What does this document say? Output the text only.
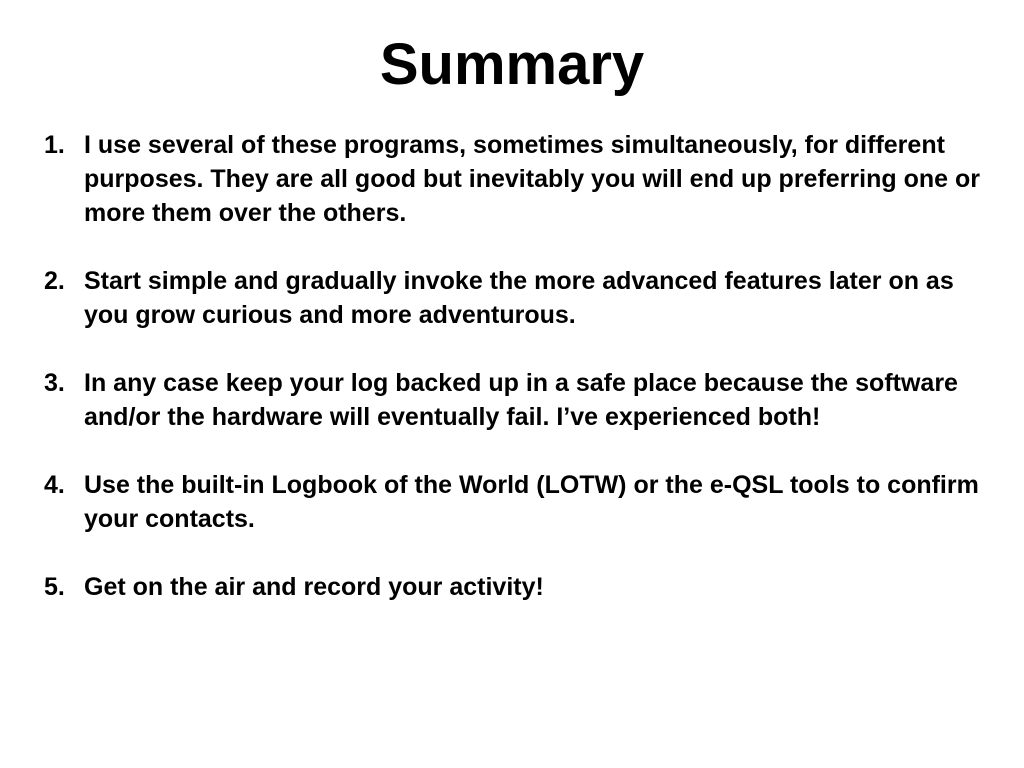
Summary
1. I use several of these programs, sometimes simultaneously, for different purposes. They are all good but inevitably you will end up preferring one or more them over the others.
2. Start simple and gradually invoke the more advanced features later on as you grow curious and more adventurous.
3. In any case keep your log backed up in a safe place because the software and/or the hardware will eventually fail. I’ve experienced both!
4. Use the built-in Logbook of the World (LOTW) or the e-QSL tools to confirm your contacts.
5. Get on the air and record your activity!
